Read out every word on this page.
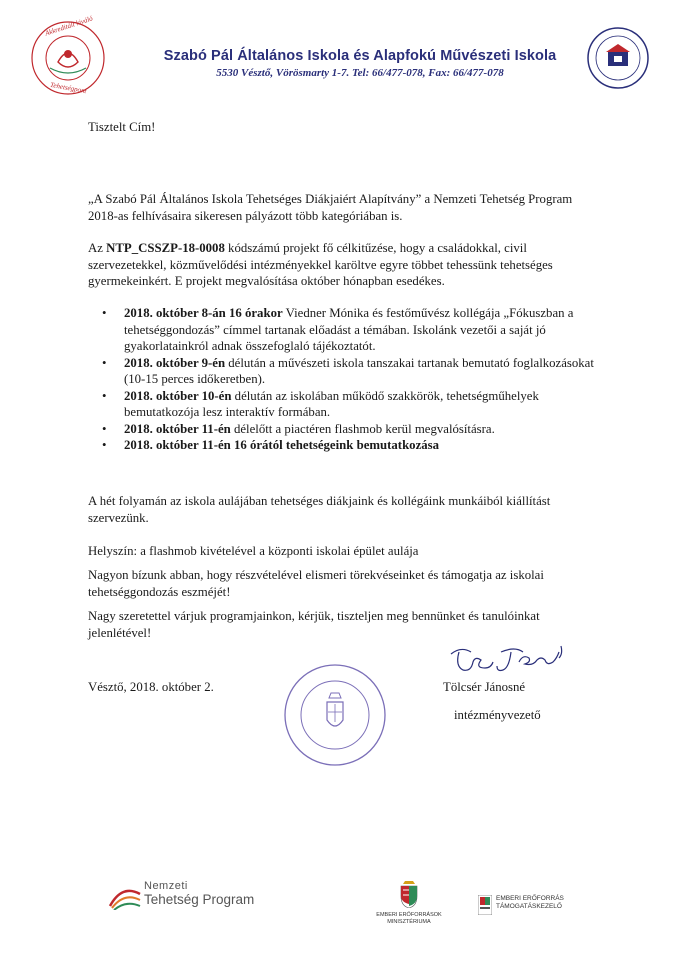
Akkreditált kiváló
Tehetségpont
Szabó Pál Általános Iskola és Alapfokú Művészeti Iskola
5530 Vésztő, Vörösmarty 1-7. Tel: 66/477-078, Fax: 66/477-078
Tisztelt Cím!
„A Szabó Pál Általános Iskola Tehetséges Diákjaiért Alapítvány” a Nemzeti Tehetség Program 2018-as felhívásaira sikeresen pályázott több kategóriában is.
Az NTP_CSSZP-18-0008 kódszámú projekt fő célkitűzése, hogy a családokkal, civil szervezetekkel, közművelődési intézményekkel karöltve egyre többet tehessünk tehetséges gyermekeinkért. E projekt megvalósítása október hónapban esedékes.
• 2018. október 8-án 16 órakor Viedner Mónika és festőművész kollégája „Fókuszban a tehetséggondozás” címmel tartanak előadást a témában. Iskolánk vezetői a saját jó gyakorlatainkról adnak összefoglaló tájékoztatót.
• 2018. október 9-én délután a művészeti iskola tanszakai tartanak bemutató foglalkozásokat (10-15 perces időkeretben).
• 2018. október 10-én délután az iskolában működő szakkörök, tehetségműhelyek bemutatkozója lesz interaktív formában.
• 2018. október 11-én délelőtt a piactéren flashmob kerül megvalósításra.
• 2018. október 11-én 16 órától tehetségeink bemutatkozása
A hét folyamán az iskola aulájában tehetséges diákjaink és kollégáink munkáiból kiállítást szervezünk.
Helyszín: a flashmob kivételével a központi iskolai épület aulája
Nagyon bízunk abban, hogy részvételével elismeri törekvéseinket és támogatja az iskolai tehetséggondozás eszméjét!
Nagy szeretettel várjuk programjainkon, kérjük, tiszteljen meg bennünket és tanulóinkat jelenlétével!
Vésztő, 2018. október 2.	Tölcsér Jánosné
intézményvezető
Nemzeti
Tehetség Program
EMBERI ERŐFORRÁSOK MINISZTÉRIUMA
EMBERI ERŐFORRÁS
TÁMOGATÁSKEZELŐ
